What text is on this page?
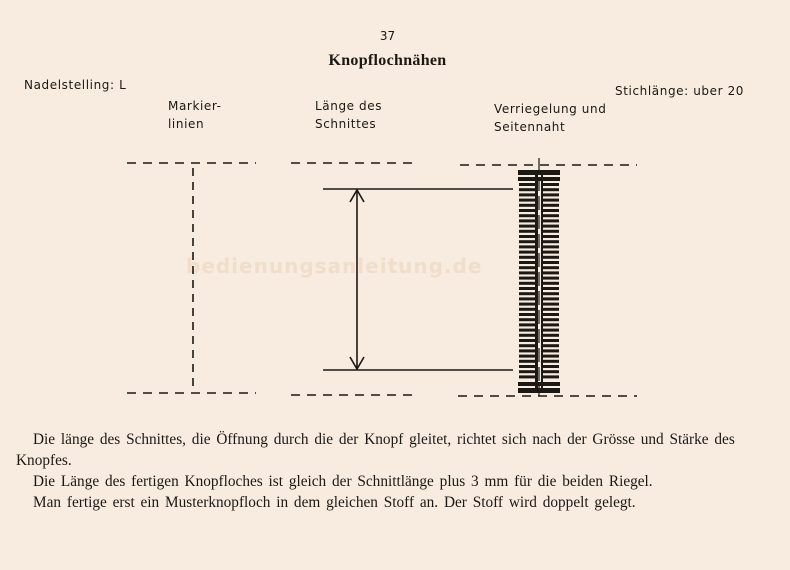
bedienungsanleitung.de
37
Knopflochnähen
Nadelstelling: L	Stichlänge: uber 20
Markier-
linien
Länge des
Schnittes
Verriegelung und
Seitennaht

Die länge des Schnittes, die Öffnung durch die der Knopf gleitet, richtet sich nach der Grösse und Stärke des Knopfes.

Die Länge des fertigen Knopfloches ist gleich der Schnittlänge plus 3 mm für die beiden Riegel.

Man fertige erst ein Musterknopfloch in dem gleichen Stoff an. Der Stoff wird doppelt gelegt.
